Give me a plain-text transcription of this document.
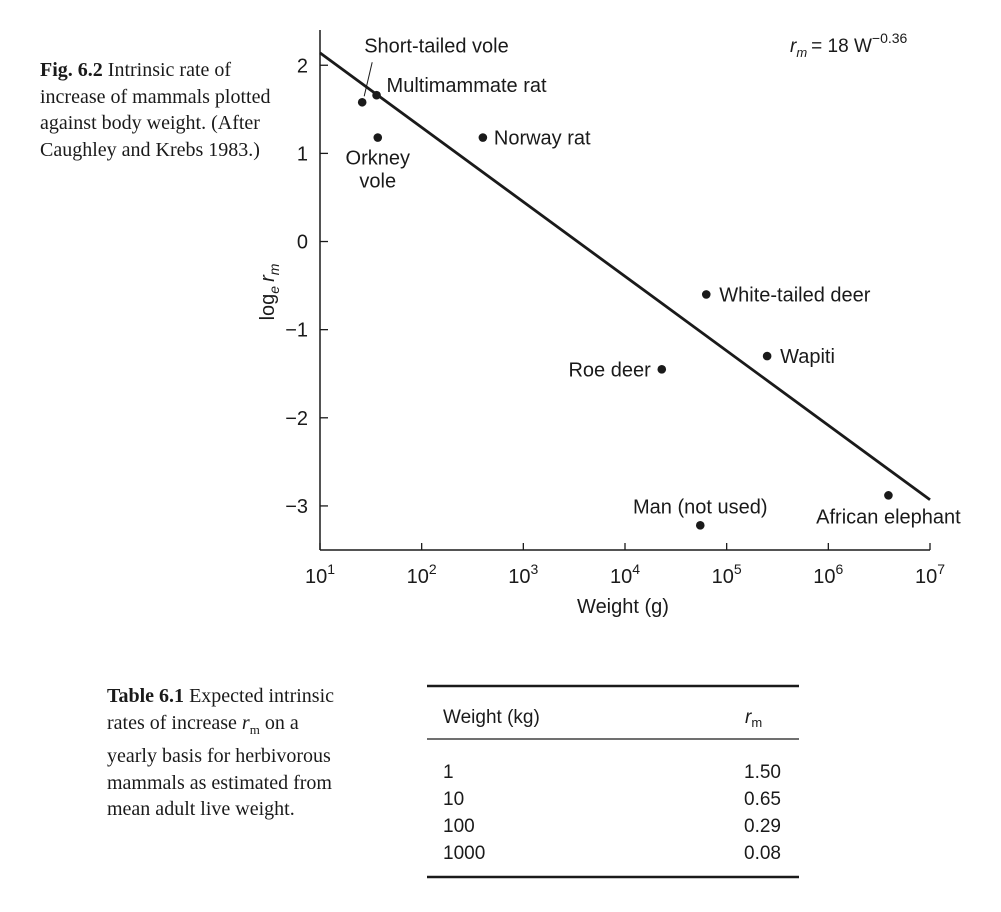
Fig. 6.2 Intrinsic rate of increase of mammals plotted against body weight. (After Caughley and Krebs 1983.)
$10^1$	$10^2$	$10^3$	$10^4$	$10^5$	$10^6$	$10^7$
2
1
0
−1
−2
−3
Short-tailed vole
Multimammate rat
Orkney vole
Norway rat
White-tailed deer
Wapiti
Roe deer
Man (not used) African elephant
Weight (g)
$\log_er_m$
$r_m = 18$ $W^{-0.36}$
Table 6.1 Expected intrinsic rates of increase $r_m$ on a yearly basis for herbivorous mammals as estimated from mean adult live weight.
Weight (kg)	$r_m$
1	1.50
10	0.65
100	0.29
1000	0.08
